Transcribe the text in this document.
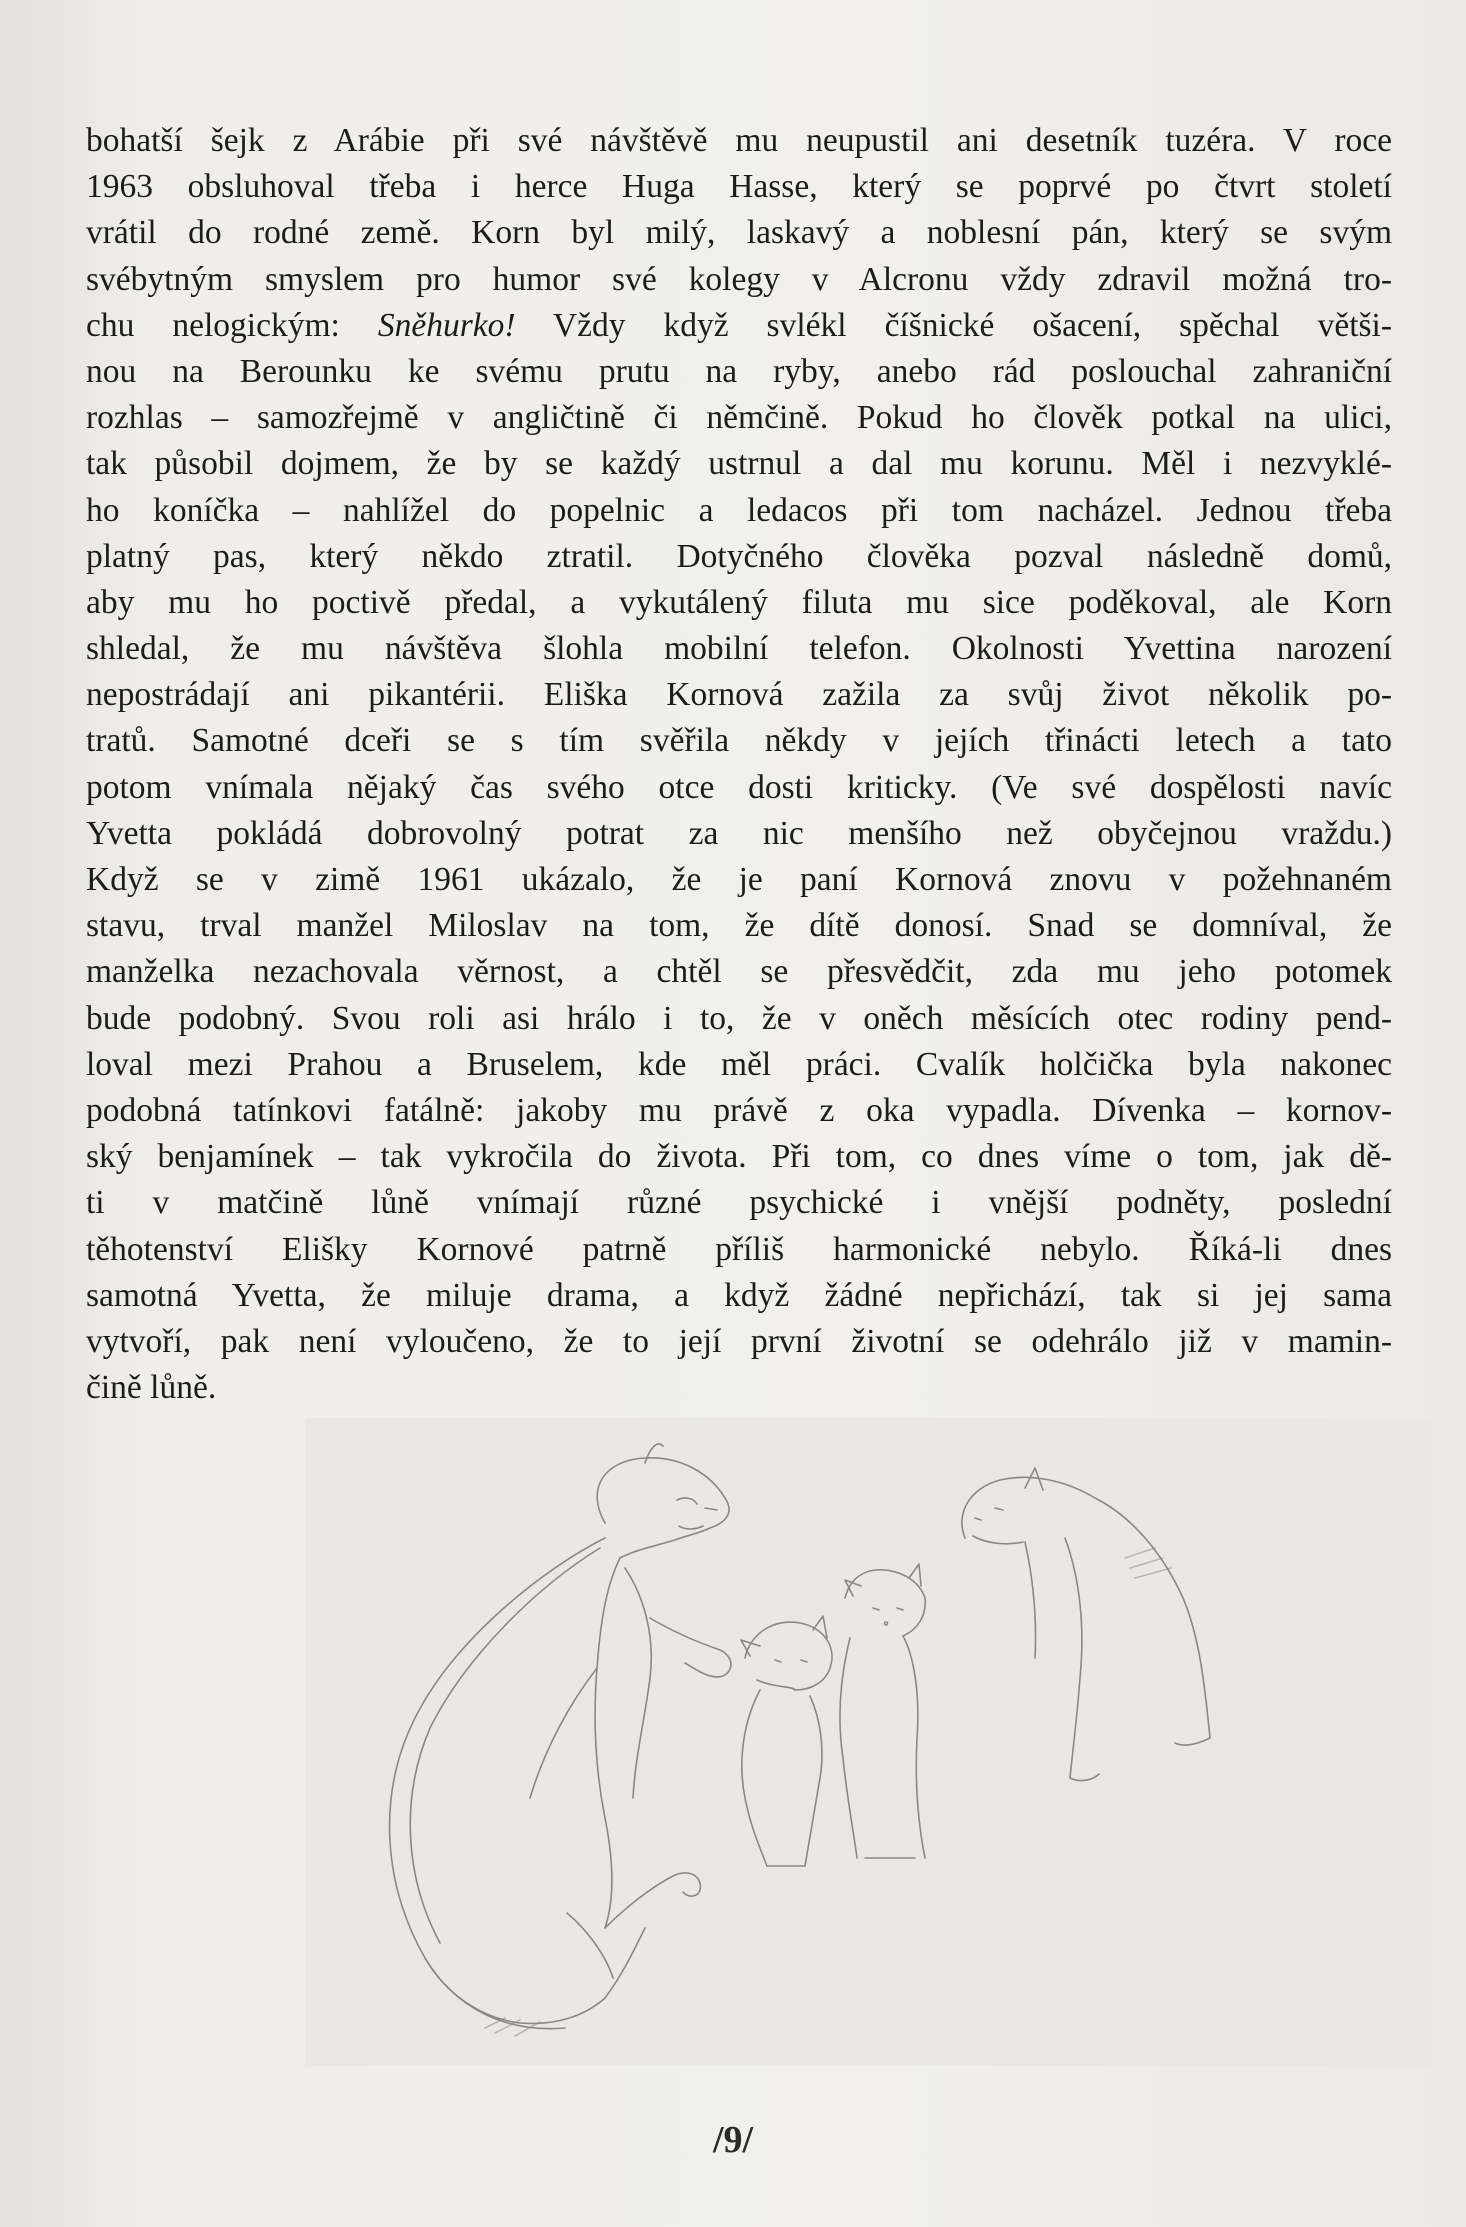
bohatší šejk z Arábie při své návštěvě mu neupustil ani desetník tuzéra. V roce
1963 obsluhoval třeba i herce Huga Hasse, který se poprvé po čtvrt století
vrátil do rodné země. Korn byl milý, laskavý a noblesní pán, který se svým
svébytným smyslem pro humor své kolegy v Alcronu vždy zdravil možná tro-
chu nelogickým: Sněhurko! Vždy když svlékl číšnické ošacení, spěchal větši-
nou na Berounku ke svému prutu na ryby, anebo rád poslouchal zahraniční
rozhlas – samozřejmě v angličtině či němčině. Pokud ho člověk potkal na ulici,
tak působil dojmem, že by se každý ustrnul a dal mu korunu. Měl i nezvyklé-
ho koníčka – nahlížel do popelnic a ledacos při tom nacházel. Jednou třeba
platný pas, který někdo ztratil. Dotyčného člověka pozval následně domů,
aby mu ho poctivě předal, a vykutálený filuta mu sice poděkoval, ale Korn
shledal, že mu návštěva šlohla mobilní telefon. Okolnosti Yvettina narození
nepostrádají ani pikantérii. Eliška Kornová zažila za svůj život několik po-
tratů. Samotné dceři se s tím svěřila někdy v jejích třinácti letech a tato
potom vnímala nějaký čas svého otce dosti kriticky. (Ve své dospělosti navíc
Yvetta pokládá dobrovolný potrat za nic menšího než obyčejnou vraždu.)
Když se v zimě 1961 ukázalo, že je paní Kornová znovu v požehnaném
stavu, trval manžel Miloslav na tom, že dítě donosí. Snad se domníval, že
manželka nezachovala věrnost, a chtěl se přesvědčit, zda mu jeho potomek
bude podobný. Svou roli asi hrálo i to, že v oněch měsících otec rodiny pend-
loval mezi Prahou a Bruselem, kde měl práci. Cvalík holčička byla nakonec
podobná tatínkovi fatálně: jakoby mu právě z oka vypadla. Dívenka – kornov-
ský benjamínek – tak vykročila do života. Při tom, co dnes víme o tom, jak dě-
ti v matčině lůně vnímají různé psychické i vnější podněty, poslední
těhotenství Elišky Kornové patrně příliš harmonické nebylo. Říká-li dnes
samotná Yvetta, že miluje drama, a když žádné nepřichází, tak si jej sama
vytvoří, pak není vyloučeno, že to její první životní se odehrálo již v mamin-
čině lůně.
/9/
